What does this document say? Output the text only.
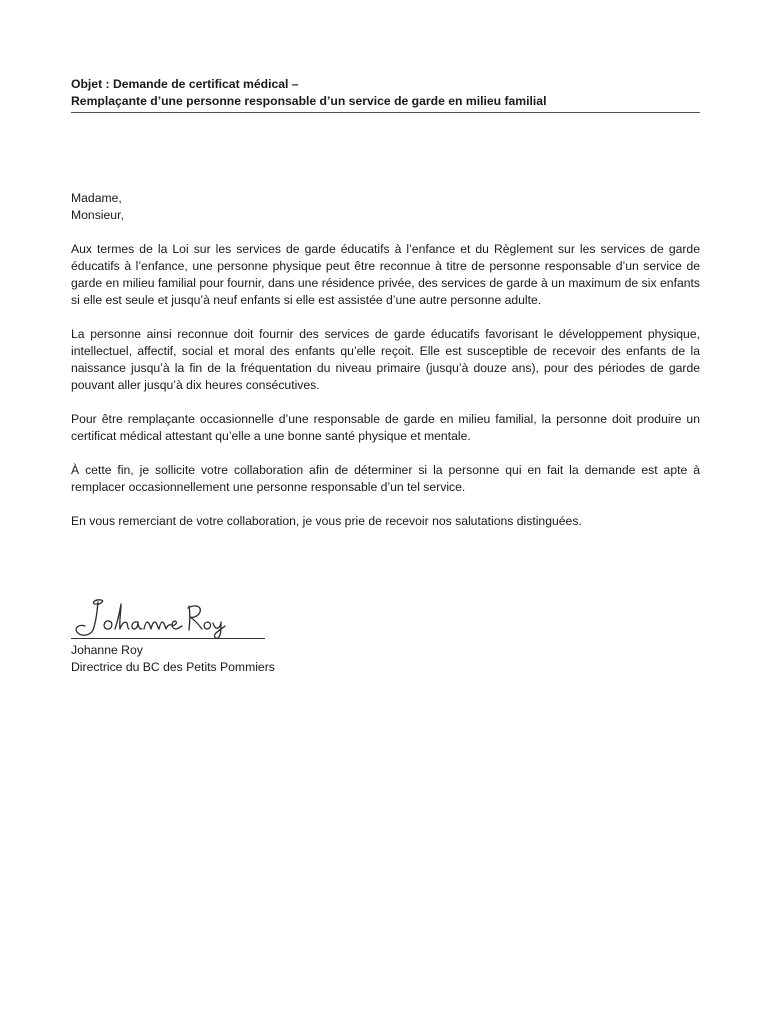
Objet : Demande de certificat médical –
Remplaçante d’une personne responsable d’un service de garde en milieu familial
Madame,
Monsieur,
Aux termes de la Loi sur les services de garde éducatifs à l’enfance et du Règlement sur les services de garde éducatifs à l’enfance, une personne physique peut être reconnue à titre de personne responsable d’un service de garde en milieu familial pour fournir, dans une résidence privée, des services de garde à un maximum de six enfants si elle est seule et jusqu’à neuf enfants si elle est assistée d’une autre personne adulte.
La personne ainsi reconnue doit fournir des services de garde éducatifs favorisant le développement physique, intellectuel, affectif, social et moral des enfants qu’elle reçoit. Elle est susceptible de recevoir des enfants de la naissance jusqu’à la fin de la fréquentation du niveau primaire (jusqu’à douze ans), pour des périodes de garde pouvant aller jusqu’à dix heures consécutives.
Pour être remplaçante occasionnelle d’une responsable de garde en milieu familial, la personne doit produire un certificat médical attestant qu’elle a une bonne santé physique et mentale.
À cette fin, je sollicite votre collaboration afin de déterminer si la personne qui en fait la demande est apte à remplacer occasionnellement une personne responsable d’un tel service.
En vous remerciant de votre collaboration, je vous prie de recevoir nos salutations distinguées.
Johanne Roy
Directrice du BC des Petits Pommiers
